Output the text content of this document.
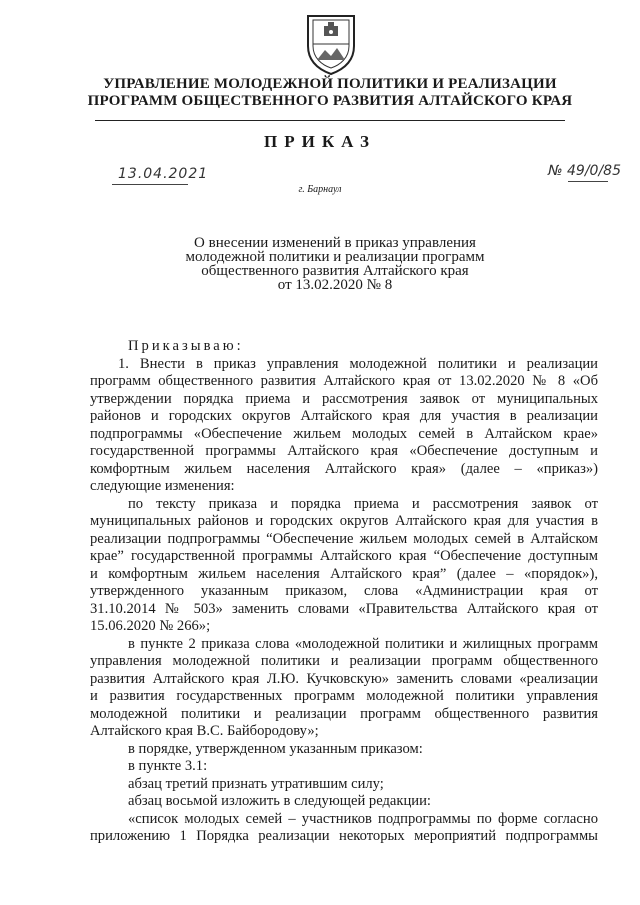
УПРАВЛЕНИЕ МОЛОДЕЖНОЙ ПОЛИТИКИ И РЕАЛИЗАЦИИ
ПРОГРАММ ОБЩЕСТВЕННОГО РАЗВИТИЯ АЛТАЙСКОГО КРАЯ
ПРИКАЗ
13.04.2021	№ 49/0/85
г. Барнаул
О внесении изменений в приказ управления
молодежной политики и реализации программ
общественного развития Алтайского края
от 13.02.2020 № 8
Приказываю:
1. Внести в приказ управления молодежной политики и реализации
программ общественного развития Алтайского края от 13.02.2020 № 8 «Об
утверждении порядка приема и рассмотрения заявок от муниципальных
районов и городских округов Алтайского края для участия в реализации
подпрограммы «Обеспечение жильем молодых семей в Алтайском крае»
государственной программы Алтайского края «Обеспечение доступным и
комфортным жильем населения Алтайского края» (далее – «приказ»)
следующие изменения:
по тексту приказа и порядка приема и рассмотрения заявок от
муниципальных районов и городских округов Алтайского края для участия в
реализации подпрограммы “Обеспечение жильем молодых семей в Алтайском
крае” государственной программы Алтайского края “Обеспечение доступным
и комфортным жильем населения Алтайского края” (далее – «порядок»),
утвержденного указанным приказом, слова «Администрации края от
31.10.2014 № 503» заменить словами «Правительства Алтайского края от
15.06.2020 № 266»;
в пункте 2 приказа слова «молодежной политики и жилищных программ
управления молодежной политики и реализации программ общественного
развития Алтайского края Л.Ю. Кучковскую» заменить словами «реализации
и развития государственных программ молодежной политики управления
молодежной политики и реализации программ общественного развития
Алтайского края В.С. Байбородову»;
в порядке, утвержденном указанным приказом:
в пункте 3.1:
абзац третий признать утратившим силу;
абзац восьмой изложить в следующей редакции:
«список молодых семей – участников подпрограммы по форме согласно
приложению 1 Порядка реализации некоторых мероприятий подпрограммы
